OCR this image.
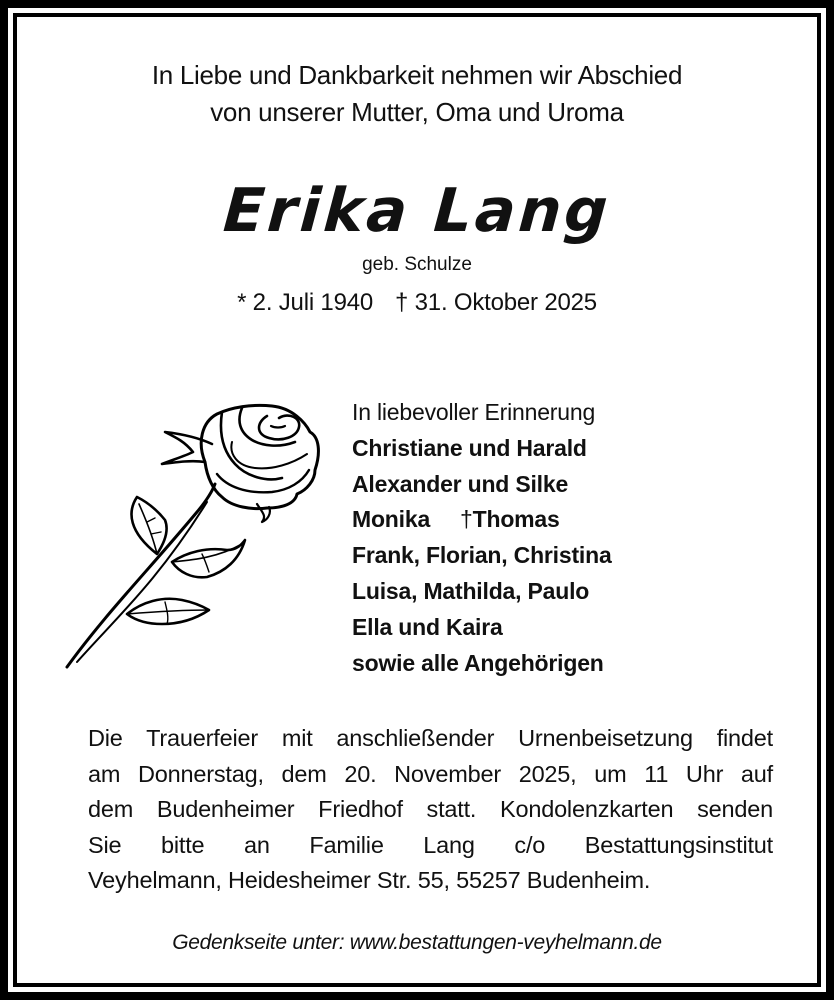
In Liebe und Dankbarkeit nehmen wir Abschied
von unserer Mutter, Oma und Uroma
Erika Lang
geb. Schulze
* 2. Juli 1940 † 31. Oktober 2025
In liebevoller Erinnerung
Christiane und Harald
Alexander und Silke
Monika †Thomas
Frank, Florian, Christina
Luisa, Mathilda, Paulo
Ella und Kaira
sowie alle Angehörigen
Die Trauerfeier mit anschließender Urnenbeisetzung findet
am Donnerstag, dem 20. November 2025, um 11 Uhr auf
dem Budenheimer Friedhof statt. Kondolenzkarten senden
Sie bitte an Familie Lang c/o Bestattungsinstitut
Veyhelmann, Heidesheimer Str. 55, 55257 Budenheim.
Gedenkseite unter: www.bestattungen-veyhelmann.de
